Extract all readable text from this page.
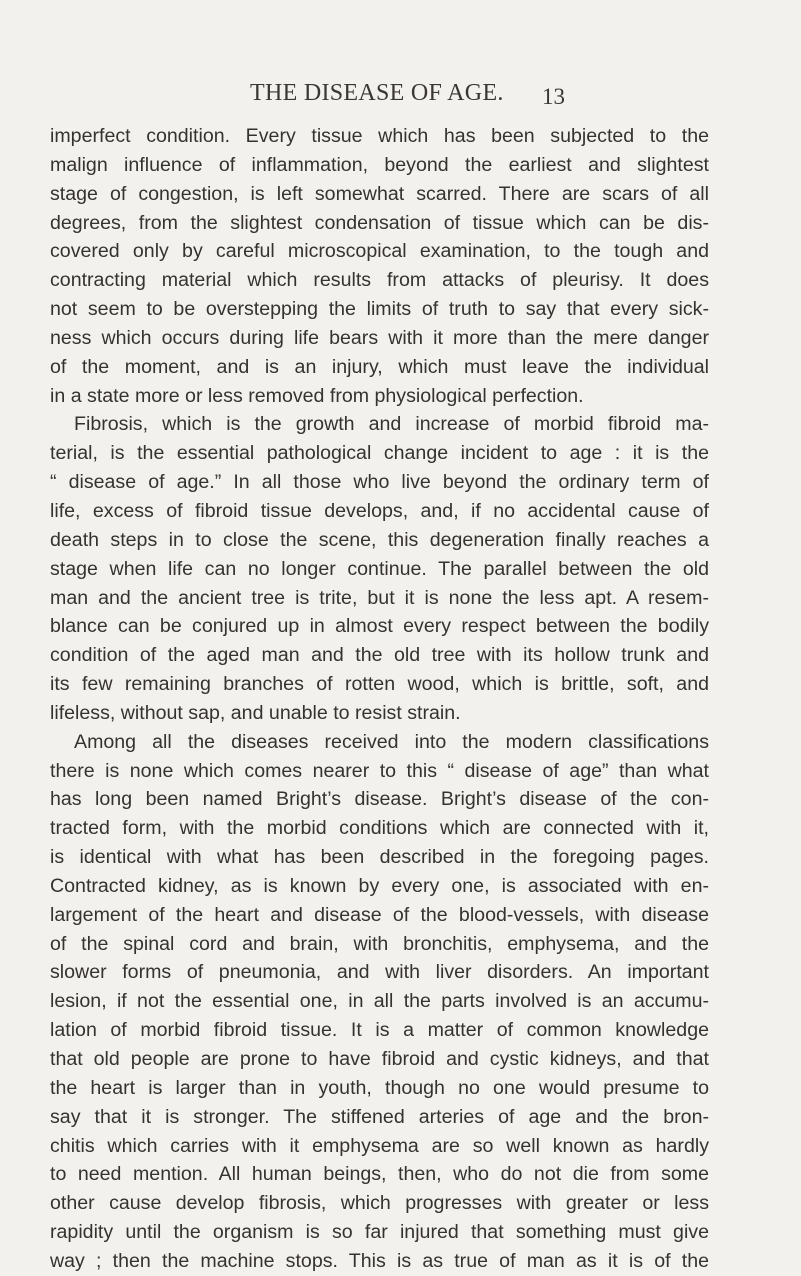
THE DISEASE OF AGE. 13
imperfect condition. Every tissue which has been subjected to the
malign influence of inflammation, beyond the earliest and slightest
stage of congestion, is left somewhat scarred. There are scars of all
degrees, from the slightest condensation of tissue which can be dis-
covered only by careful microscopical examination, to the tough and
contracting material which results from attacks of pleurisy. It does
not seem to be overstepping the limits of truth to say that every sick-
ness which occurs during life bears with it more than the mere danger
of the moment, and is an injury, which must leave the individual
in a state more or less removed from physiological perfection.
Fibrosis, which is the growth and increase of morbid fibroid ma-
terial, is the essential pathological change incident to age : it is the
“ disease of age.” In all those who live beyond the ordinary term of
life, excess of fibroid tissue develops, and, if no accidental cause of
death steps in to close the scene, this degeneration finally reaches a
stage when life can no longer continue. The parallel between the old
man and the ancient tree is trite, but it is none the less apt. A resem-
blance can be conjured up in almost every respect between the bodily
condition of the aged man and the old tree with its hollow trunk and
its few remaining branches of rotten wood, which is brittle, soft, and
lifeless, without sap, and unable to resist strain.
Among all the diseases received into the modern classifications
there is none which comes nearer to this “ disease of age” than what
has long been named Bright’s disease. Bright’s disease of the con-
tracted form, with the morbid conditions which are connected with it,
is identical with what has been described in the foregoing pages.
Contracted kidney, as is known by every one, is associated with en-
largement of the heart and disease of the blood-vessels, with disease
of the spinal cord and brain, with bronchitis, emphysema, and the
slower forms of pneumonia, and with liver disorders. An important
lesion, if not the essential one, in all the parts involved is an accumu-
lation of morbid fibroid tissue. It is a matter of common knowledge
that old people are prone to have fibroid and cystic kidneys, and that
the heart is larger than in youth, though no one would presume to
say that it is stronger. The stiffened arteries of age and the bron-
chitis which carries with it emphysema are so well known as hardly
to need mention. All human beings, then, who do not die from some
other cause develop fibrosis, which progresses with greater or less
rapidity until the organism is so far injured that something must give
way ; then the machine stops. This is as true of man as it is of the
